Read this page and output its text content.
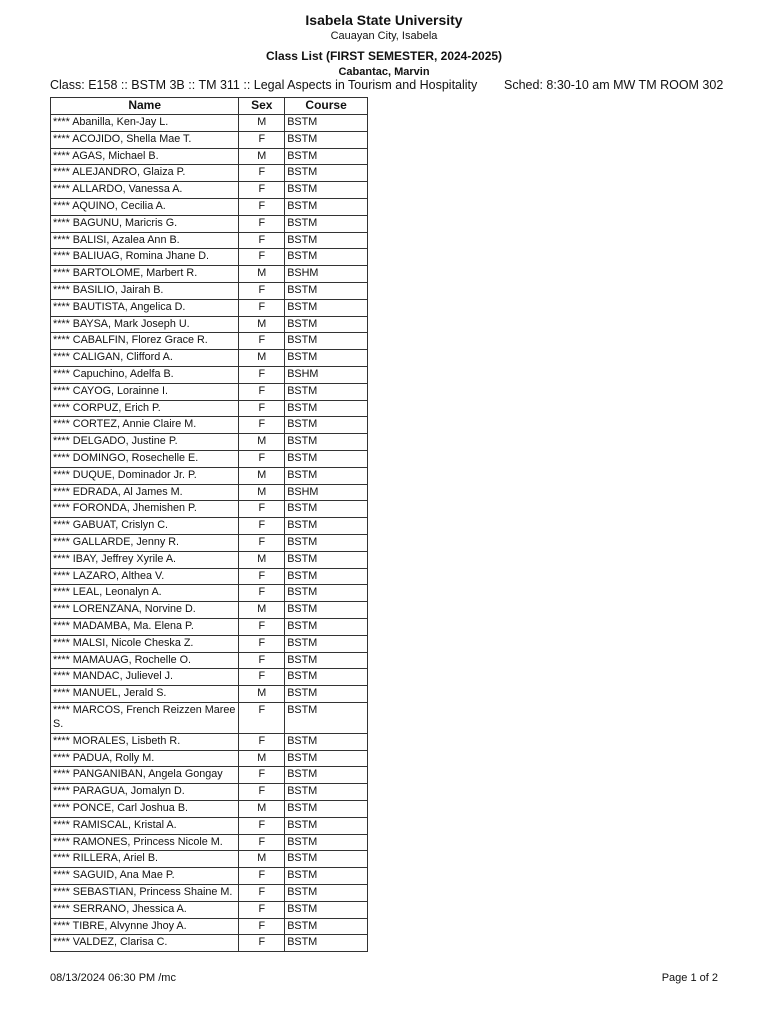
Isabela State University
Cauayan City, Isabela
Class List (FIRST SEMESTER, 2024-2025)
Cabantac, Marvin
Class: E158 :: BSTM 3B :: TM 311 :: Legal Aspects in Tourism and Hospitality Sched: 8:30-10 am MW TM ROOM 302
Name	Sex	Course
**** Abanilla, Ken-Jay L.	M	BSTM
**** ACOJIDO, Shella Mae T.	F	BSTM
**** AGAS, Michael B.	M	BSTM
**** ALEJANDRO, Glaiza P.	F	BSTM
**** ALLARDO, Vanessa A.	F	BSTM
**** AQUINO, Cecilia A.	F	BSTM
**** BAGUNU, Maricris G.	F	BSTM
**** BALISI, Azalea Ann B.	F	BSTM
**** BALIUAG, Romina Jhane D.	F	BSTM
**** BARTOLOME, Marbert R.	M	BSHM
**** BASILIO, Jairah B.	F	BSTM
**** BAUTISTA, Angelica D.	F	BSTM
**** BAYSA, Mark Joseph U.	M	BSTM
**** CABALFIN, Florez Grace R.	F	BSTM
**** CALIGAN, Clifford A.	M	BSTM
**** Capuchino, Adelfa B.	F	BSHM
**** CAYOG, Lorainne I.	F	BSTM
**** CORPUZ, Erich P.	F	BSTM
**** CORTEZ, Annie Claire M.	F	BSTM
**** DELGADO, Justine P.	M	BSTM
**** DOMINGO, Rosechelle E.	F	BSTM
**** DUQUE, Dominador Jr. P.	M	BSTM
**** EDRADA, Al James M.	M	BSHM
**** FORONDA, Jhemishen P.	F	BSTM
**** GABUAT, Crislyn C.	F	BSTM
**** GALLARDE, Jenny R.	F	BSTM
**** IBAY, Jeffrey Xyrile A.	M	BSTM
**** LAZARO, Althea V.	F	BSTM
**** LEAL, Leonalyn A.	F	BSTM
**** LORENZANA, Norvine D.	M	BSTM
**** MADAMBA, Ma. Elena P.	F	BSTM
**** MALSI, Nicole Cheska Z.	F	BSTM
**** MAMAUAG, Rochelle O.	F	BSTM
**** MANDAC, Julievel J.	F	BSTM
**** MANUEL, Jerald S.	M	BSTM
**** MARCOS, French Reizzen Maree S.	F	BSTM
**** MORALES, Lisbeth R.	F	BSTM
**** PADUA, Rolly M.	M	BSTM
**** PANGANIBAN, Angela Gongay	F	BSTM
**** PARAGUA, Jomalyn D.	F	BSTM
**** PONCE, Carl Joshua B.	M	BSTM
**** RAMISCAL, Kristal A.	F	BSTM
**** RAMONES, Princess Nicole M.	F	BSTM
**** RILLERA, Ariel B.	M	BSTM
**** SAGUID, Ana Mae P.	F	BSTM
**** SEBASTIAN, Princess Shaine M.	F	BSTM
**** SERRANO, Jhessica A.	F	BSTM
**** TIBRE, Alvynne Jhoy A.	F	BSTM
**** VALDEZ, Clarisa C.	F	BSTM
08/13/2024 06:30 PM /mc	Page 1 of 2
